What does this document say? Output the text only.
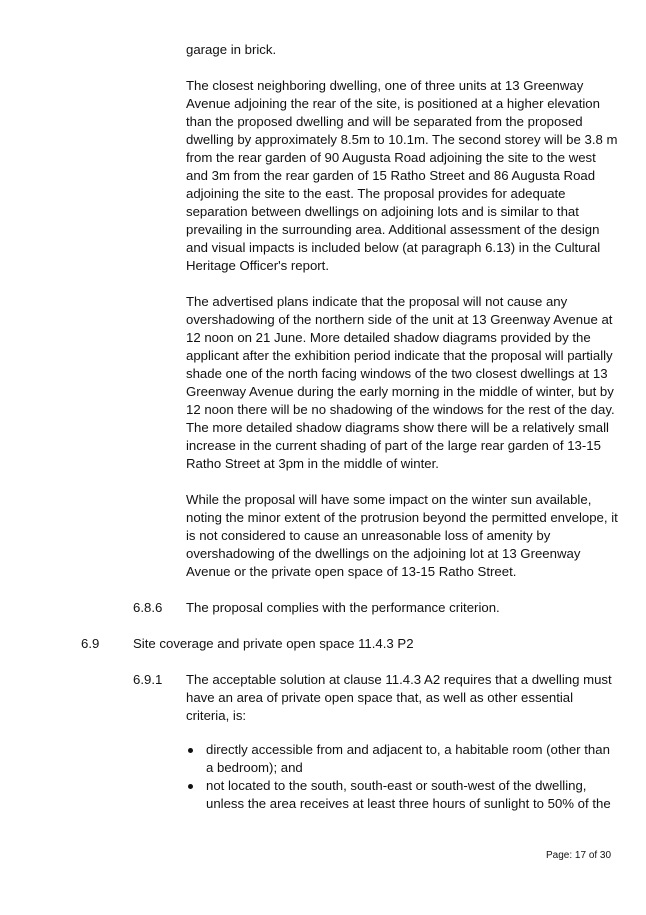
garage in brick.
The closest neighboring dwelling, one of three units at 13 Greenway
Avenue adjoining the rear of the site, is positioned at a higher elevation
than the proposed dwelling and will be separated from the proposed
dwelling by approximately 8.5m to 10.1m. The second storey will be 3.8 m
from the rear garden of 90 Augusta Road adjoining the site to the west
and 3m from the rear garden of 15 Ratho Street and 86 Augusta Road
adjoining the site to the east. The proposal provides for adequate
separation between dwellings on adjoining lots and is similar to that
prevailing in the surrounding area. Additional assessment of the design
and visual impacts is included below (at paragraph 6.13) in the Cultural
Heritage Officer's report.
The advertised plans indicate that the proposal will not cause any
overshadowing of the northern side of the unit at 13 Greenway Avenue at
12 noon on 21 June. More detailed shadow diagrams provided by the
applicant after the exhibition period indicate that the proposal will partially
shade one of the north facing windows of the two closest dwellings at 13
Greenway Avenue during the early morning in the middle of winter, but by
12 noon there will be no shadowing of the windows for the rest of the day.
The more detailed shadow diagrams show there will be a relatively small
increase in the current shading of part of the large rear garden of 13-15
Ratho Street at 3pm in the middle of winter.
While the proposal will have some impact on the winter sun available,
noting the minor extent of the protrusion beyond the permitted envelope, it
is not considered to cause an unreasonable loss of amenity by
overshadowing of the dwellings on the adjoining lot at 13 Greenway
Avenue or the private open space of 13-15 Ratho Street.
6.8.6 The proposal complies with the performance criterion.
6.9	Site coverage and private open space 11.4.3 P2
6.9.1 The acceptable solution at clause 11.4.3 A2 requires that a dwelling must
have an area of private open space that, as well as other essential
criteria, is:
directly accessible from and adjacent to, a habitable room (other than
a bedroom); and
not located to the south, south-east or south-west of the dwelling,
unless the area receives at least three hours of sunlight to 50% of the
Page: 17 of 30
